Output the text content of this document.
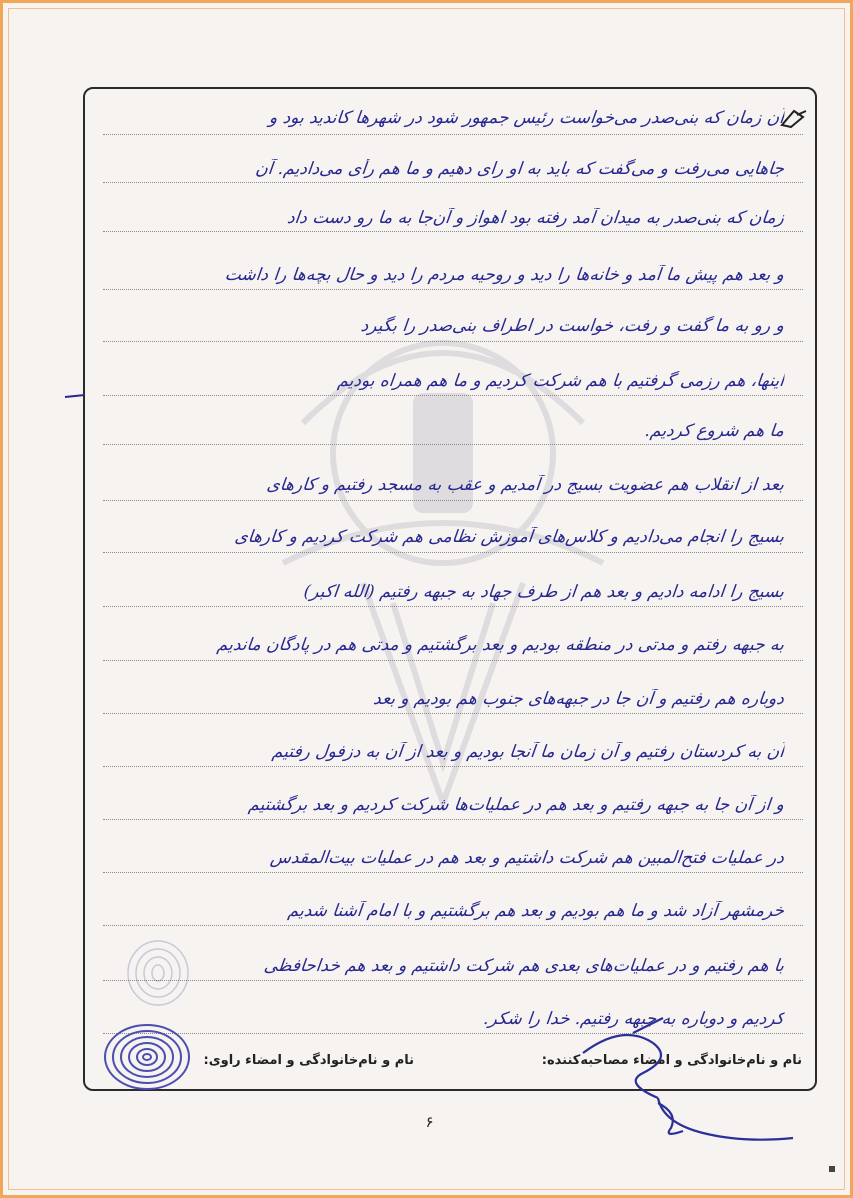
آن زمان که بنی‌صدر می‌خواست رئیس جمهور شود در شهرها کاندید بود و
جاهایی می‌رفت و می‌گفت که باید به او رای دهیم و ما هم رأی می‌دادیم. آن
زمان که بنی‌صدر به میدان آمد رفته بود اهواز و آن‌جا به ما رو دست داد
و بعد هم پیش ما آمد و خانه‌ها را دید و روحیه مردم را دید و حال بچه‌ها را داشت
و رو به ما گفت و رفت، خواست در اطراف بنی‌صدر را بگیرد
اینها، هم رزمی گرفتیم با هم شرکت کردیم و ما هم همراه بودیم
ما هم شروع کردیم.
بعد از انقلاب هم عضویت بسیج در آمدیم و عقب به مسجد رفتیم و کارهای
بسیج را انجام می‌دادیم و کلاس‌های آموزش نظامی هم شرکت کردیم و کارهای
بسیج را ادامه دادیم و بعد هم از طرف جهاد به جبهه رفتیم (الله اکبر)
به جبهه رفتم و مدتی در منطقه بودیم و بعد برگشتیم و مدتی هم در پادگان ماندیم
دوباره هم رفتیم و آن جا در جبهه‌های جنوب هم بودیم و بعد
آن به کردستان رفتیم و آن زمان ما آنجا بودیم و بعد از آن به دزفول رفتیم
و از آن جا به جبهه رفتیم و بعد هم در عملیات‌ها شرکت کردیم و بعد برگشتیم
در عملیات فتح‌المبین هم شرکت داشتیم و بعد هم در عملیات بیت‌المقدس
خرمشهر آزاد شد و ما هم بودیم و بعد هم برگشتیم و با امام آشنا شدیم
با هم رفتیم و در عملیات‌های بعدی هم شرکت داشتیم و بعد هم خداحافظی
کردیم و دوباره به جبهه رفتیم. خدا را شکر.
نام و نام‌خانوادگی و امضاء مصاحبه‌کننده:
نام و نام‌خانوادگی و امضاء راوی:
۶
